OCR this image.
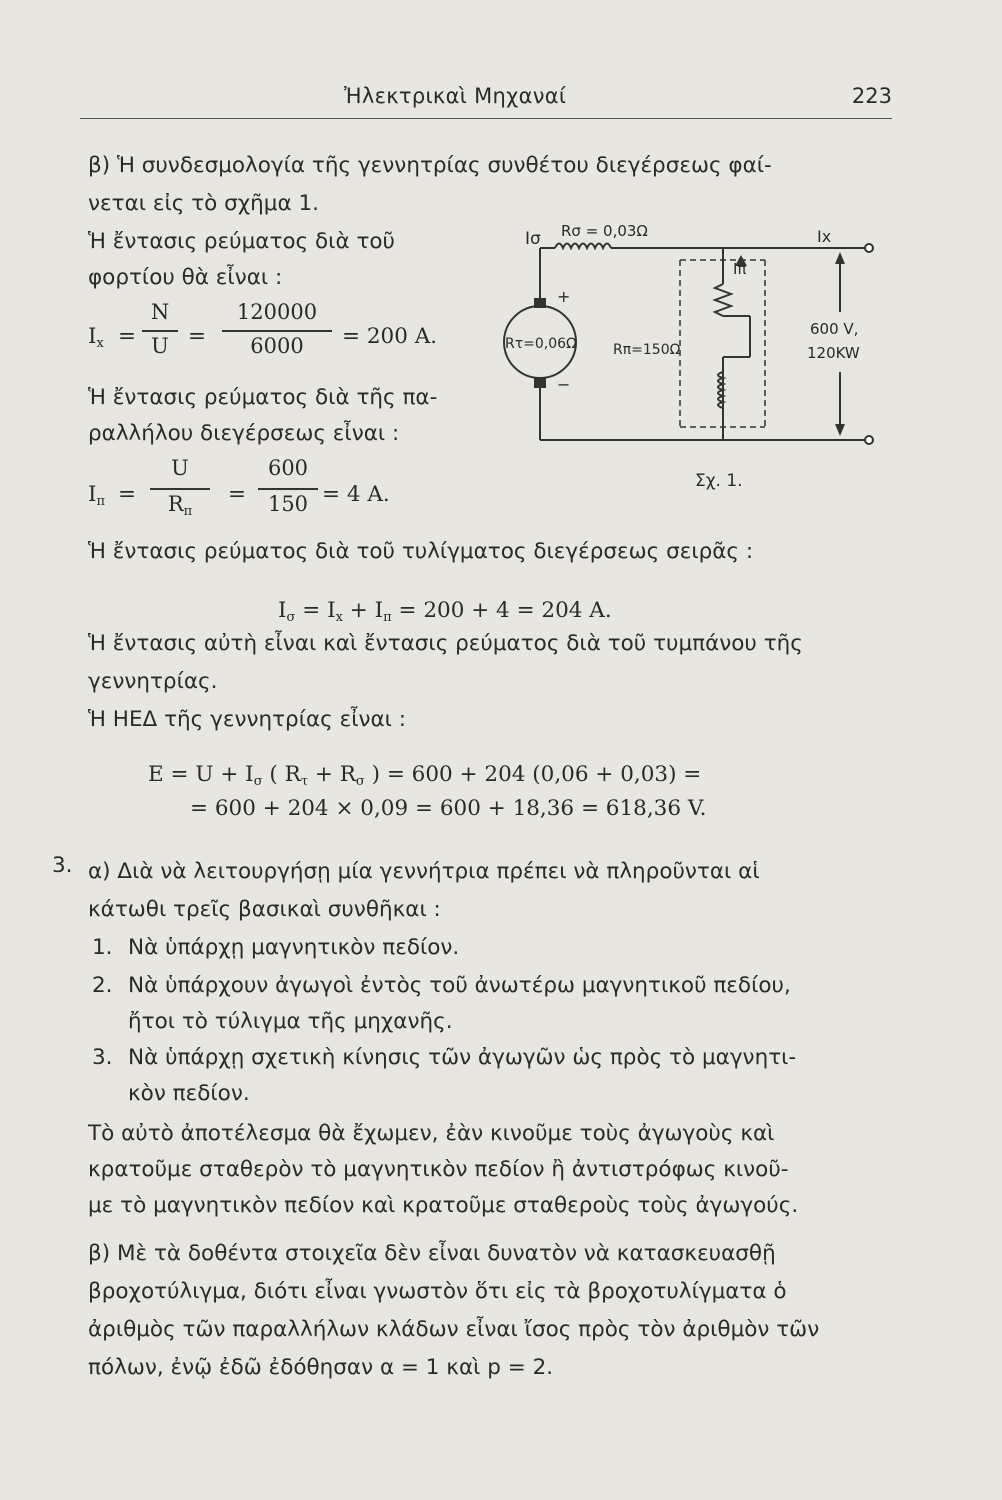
Ἠλεκτρικαὶ Μηχαναί	223
β) Ἡ συνδεσμολογία τῆς γεννητρίας συνθέτου διεγέρσεως φαί-
νεται εἰς τὸ σχῆμα 1.
Ἡ ἔντασις ρεύματος διὰ τοῦ
φορτίου θὰ εἶναι :
$I_x$ =
N
U =
120000
6000	= 200 A.
Ἡ ἔντασις ρεύματος διὰ τῆς πα-
ραλλήλου διεγέρσεως εἶναι :
$I_\pi$ =
U
$R_\pi$
=
600
150 = 4 A.
Iσ Rσ = 0,03Ω	Ix
Iπ
Rτ=0,06Ω	Rπ=150Ω
+
−
600 V,
120KW
Σχ. 1.
Ἡ ἔντασις ρεύματος διὰ τοῦ τυλίγματος διεγέρσεως σειρᾶς :
$I_\sigma = I_x + I_\pi = 200 + 4 = 204$ A.
Ἡ ἔντασις αὐτὴ εἶναι καὶ ἔντασις ρεύματος διὰ τοῦ τυμπάνου τῆς
γεννητρίας.
Ἡ ΗΕΔ τῆς γεννητρίας εἶναι :
$E = U + I_\sigma$ ( $R_\tau + R_\sigma$ ) = 600 + 204 (0,06 + 0,03) =
= 600 + 204 × 0,09 = 600 + 18,36 = 618,36 V.
3. α) Διὰ νὰ λειτουργήσῃ μία γεννήτρια πρέπει νὰ πληροῦνται αἱ
κάτωθι τρεῖς βασικαὶ συνθῆκαι :
1. Νὰ ὑπάρχῃ μαγνητικὸν πεδίον.
2. Νὰ ὑπάρχουν ἀγωγοὶ ἐντὸς τοῦ ἀνωτέρω μαγνητικοῦ πεδίου,
ἤτοι τὸ τύλιγμα τῆς μηχανῆς.
3. Νὰ ὑπάρχῃ σχετικὴ κίνησις τῶν ἀγωγῶν ὡς πρὸς τὸ μαγνητι-
κὸν πεδίον.
Τὸ αὐτὸ ἀποτέλεσμα θὰ ἔχωμεν, ἐὰν κινοῦμε τοὺς ἀγωγοὺς καὶ
κρατοῦμε σταθερὸν τὸ μαγνητικὸν πεδίον ἢ ἀντιστρόφως κινοῦ-
με τὸ μαγνητικὸν πεδίον καὶ κρατοῦμε σταθεροὺς τοὺς ἀγωγούς.
β) Μὲ τὰ δοθέντα στοιχεῖα δὲν εἶναι δυνατὸν νὰ κατασκευασθῇ
βροχοτύλιγμα, διότι εἶναι γνωστὸν ὅτι εἰς τὰ βροχοτυλίγματα ὁ
ἀριθμὸς τῶν παραλλήλων κλάδων εἶναι ἴσος πρὸς τὸν ἀριθμὸν τῶν
πόλων, ἐνῷ ἐδῶ ἐδόθησαν α = 1 καὶ p = 2.
